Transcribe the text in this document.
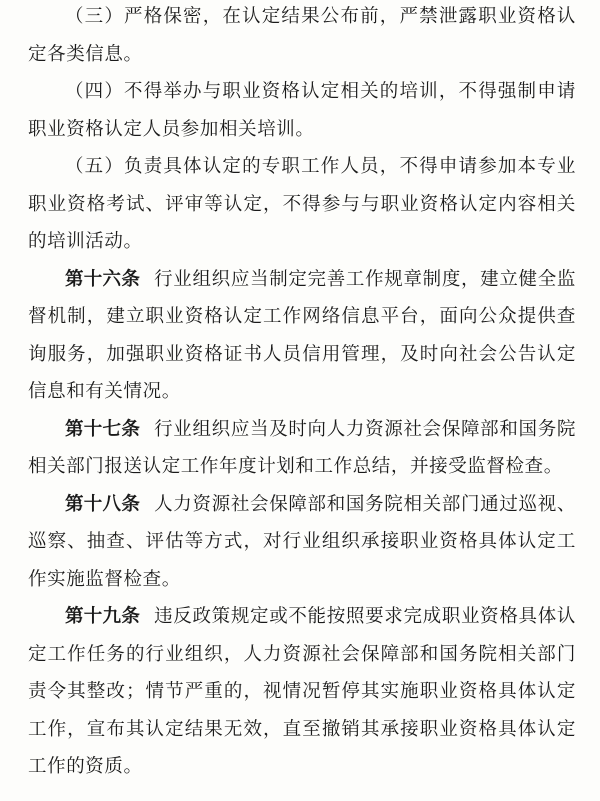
（三）严格保密，在认定结果公布前，严禁泄露职业资格认定各类信息。

（四）不得举办与职业资格认定相关的培训，不得强制申请职业资格认定人员参加相关培训。

（五）负责具体认定的专职工作人员，不得申请参加本专业职业资格考试、评审等认定，不得参与与职业资格认定内容相关的培训活动。

第十六条 行业组织应当制定完善工作规章制度，建立健全监督机制，建立职业资格认定工作网络信息平台，面向公众提供查询服务，加强职业资格证书人员信用管理，及时向社会公告认定信息和有关情况。

第十七条 行业组织应当及时向人力资源社会保障部和国务院相关部门报送认定工作年度计划和工作总结，并接受监督检查。

第十八条 人力资源社会保障部和国务院相关部门通过巡视、巡察、抽查、评估等方式，对行业组织承接职业资格具体认定工作实施监督检查。

第十九条 违反政策规定或不能按照要求完成职业资格具体认定工作任务的行业组织，人力资源社会保障部和国务院相关部门责令其整改；情节严重的，视情况暂停其实施职业资格具体认定工作，宣布其认定结果无效，直至撤销其承接职业资格具体认定工作的资质。
